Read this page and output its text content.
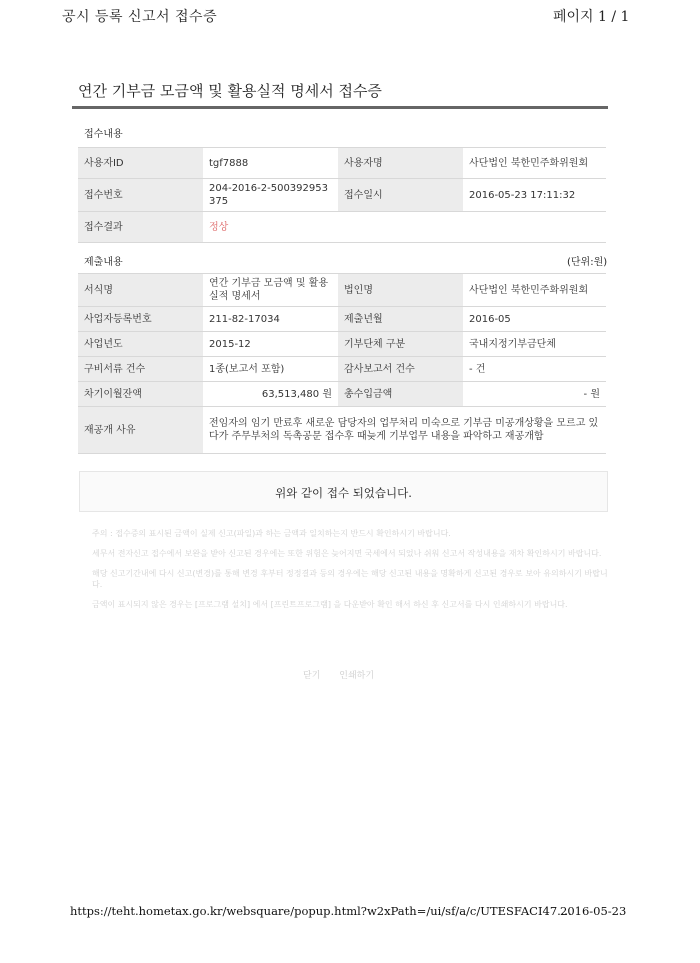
공시 등록 신고서 접수증	페이지 1 / 1
연간 기부금 모금액 및 활용실적 명세서 접수증
접수내용
사용자ID	tgf7888	사용자명	사단법인 북한민주화위원회
접수번호	204-2016-2-500392953375	접수일시	2016-05-23 17:11:32
접수결과	정상		
제출내용	(단위:원)
서식명	연간 기부금 모금액 및 활용실적 명세서	법인명	사단법인 북한민주화위원회
사업자등록번호	211-82-17034	제출년월	2016-05
사업년도	2015-12	기부단체 구분	국내지정기부금단체
구비서류 건수	1종(보고서 포함)	감사보고서 건수	- 건
차기이월잔액	63,513,480 원	총수입금액	- 원
재공개 사유	전임자의 임기 만료후 새로운 담당자의 업무처리 미숙으로 기부금 미공개상황을 모르고 있다가 주무부처의 독촉공문 접수후 때늦게 기부업무 내용을 파악하고 재공개함		
위와 같이 접수 되었습니다.

주의 : 접수증의 표시된 금액이 실제 신고(파일)과 하는 금액과 일치하는지 반드시 확인하시기 바랍니다.

세무서 전자신고 접수에서 보완을 받아 신고된 경우에는 또한 위험은 늦어지면 국세에서 되었나 쉬워 신고서 작성내용을 재차 확인하시기 바랍니다.

해당 신고기간내에 다시 신고(변경)를 통해 변경 후부터 정정결과 등의 경우에는 해당 신고된 내용을 명확하게 신고된 경우로 보아 유의하시기 바랍니다.

금액이 표시되지 않은 경우는 [프로그램 설치] 에서 [프린트프로그램] 을 다운받아 확인 해서 하신 후 신고서를 다시 인쇄하시기 바랍니다.

닫기 인쇄하기
https://teht.hometax.go.kr/websquare/popup.html?w2xPath=/ui/sf/a/c/UTESFACI47....
2016-05-23
